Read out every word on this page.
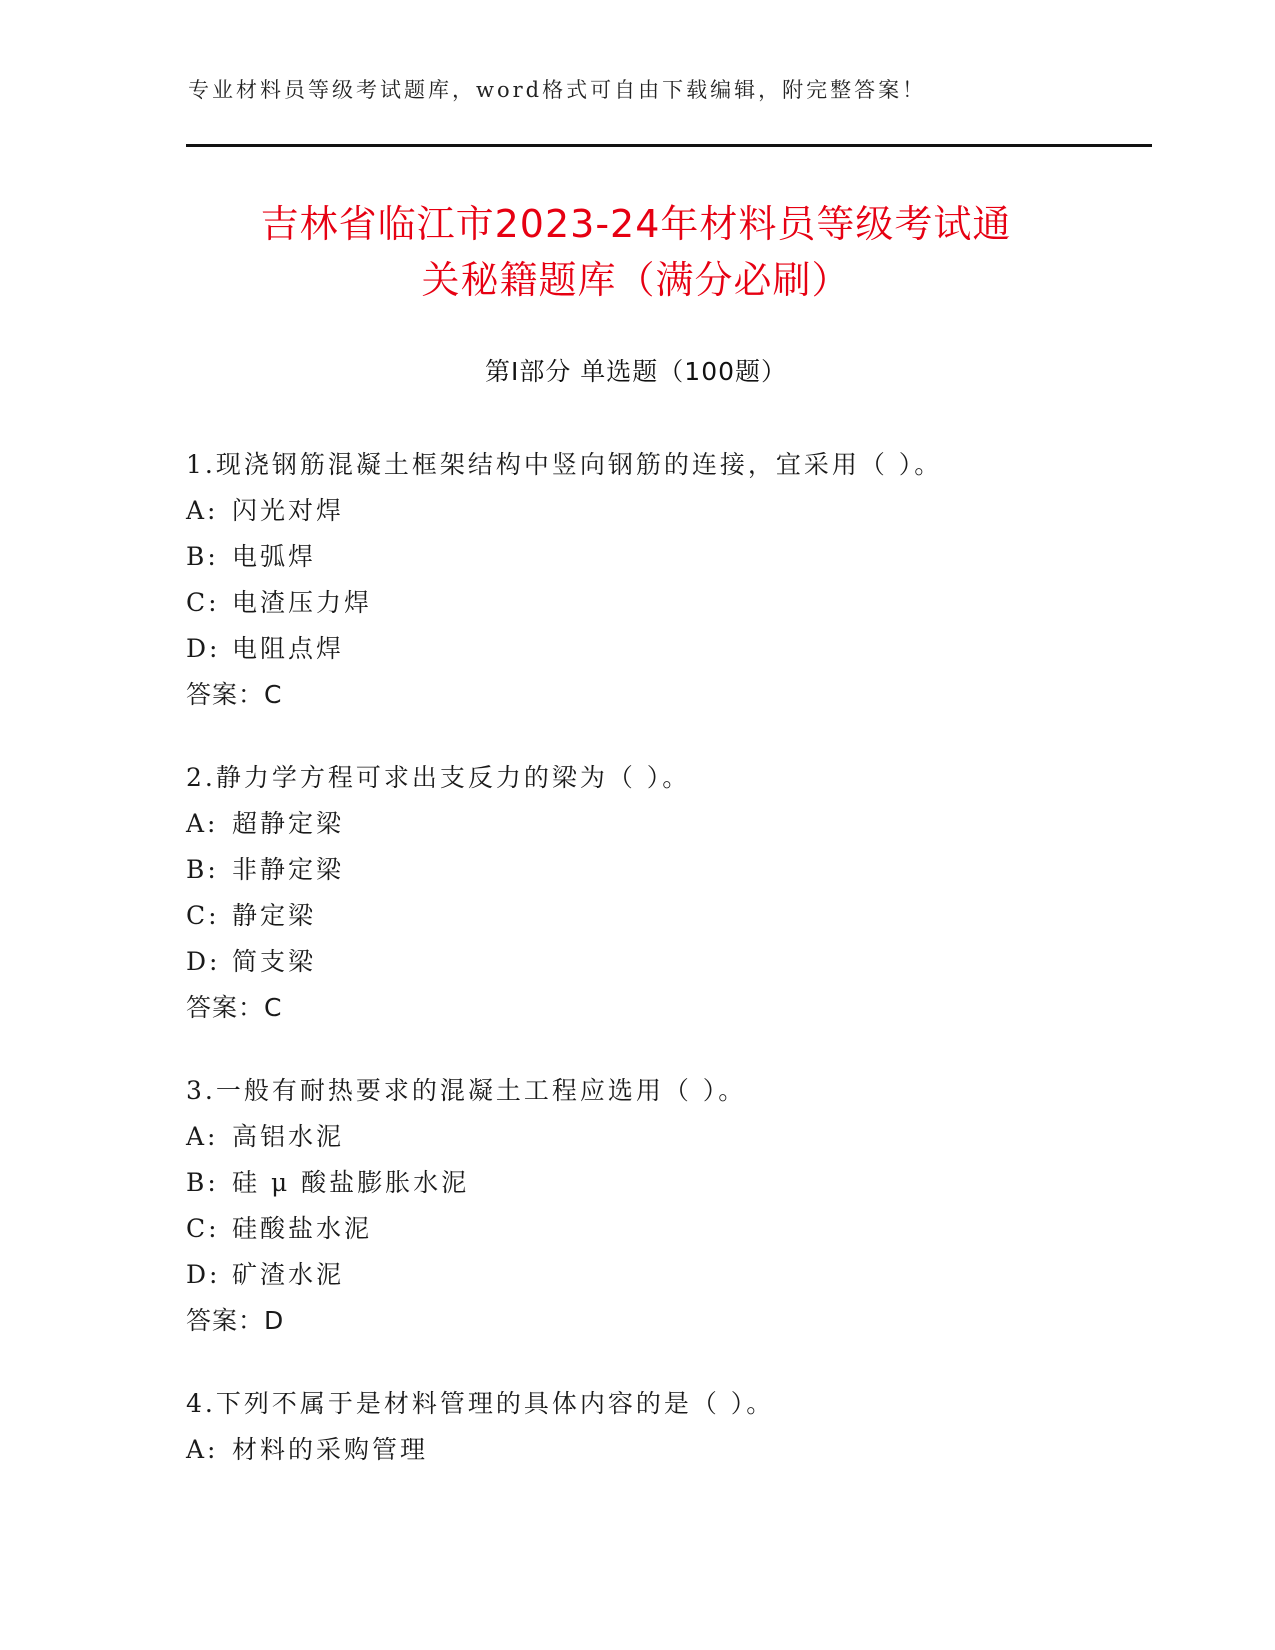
专业材料员等级考试题库，word格式可自由下载编辑，附完整答案！
吉林省临江市2023-24年材料员等级考试通
关秘籍题库（满分必刷）
第Ⅰ部分 单选题（100题）
1.现浇钢筋混凝土框架结构中竖向钢筋的连接，宜采用（ ）。
A: 闪光对焊
B: 电弧焊
C: 电渣压力焊
D: 电阻点焊
答案：C
2.静力学方程可求出支反力的梁为（ ）。
A: 超静定梁
B: 非静定梁
C: 静定梁
D: 简支梁
答案：C
3.一般有耐热要求的混凝土工程应选用（ ）。
A: 高铝水泥
B: 硅 μ 酸盐膨胀水泥
C: 硅酸盐水泥
D: 矿渣水泥
答案：D
4.下列不属于是材料管理的具体内容的是（ ）。
A: 材料的采购管理
